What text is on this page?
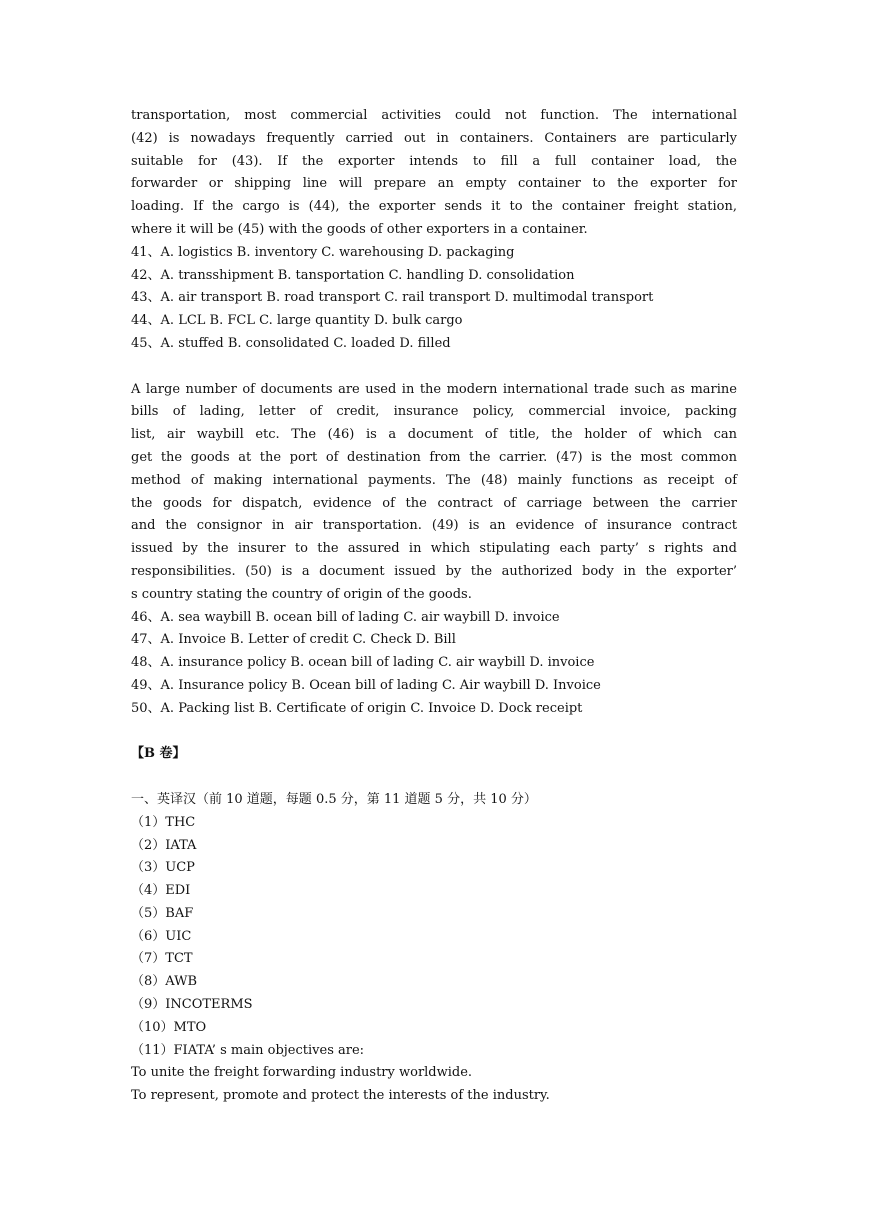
transportation, most commercial activities could not function. The international
(42) is nowadays frequently carried out in containers. Containers are particularly
suitable for (43). If the exporter intends to fill a full container load, the
forwarder or shipping line will prepare an empty container to the exporter for
loading. If the cargo is (44), the exporter sends it to the container freight station,
where it will be (45) with the goods of other exporters in a container.
41、A. logistics B. inventory C. warehousing D. packaging
42、A. transshipment B. tansportation C. handling D. consolidation
43、A. air transport B. road transport C. rail transport D. multimodal transport
44、A. LCL B. FCL C. large quantity D. bulk cargo
45、A. stuffed B. consolidated C. loaded D. filled
A large number of documents are used in the modern international trade such as marine
bills of lading, letter of credit, insurance policy, commercial invoice, packing
list, air waybill etc. The (46) is a document of title, the holder of which can
get the goods at the port of destination from the carrier. (47) is the most common
method of making international payments. The (48) mainly functions as receipt of
the goods for dispatch, evidence of the contract of carriage between the carrier
and the consignor in air transportation. (49) is an evidence of insurance contract
issued by the insurer to the assured in which stipulating each party’ s rights and
responsibilities. (50) is a document issued by the authorized body in the exporter’
s country stating the country of origin of the goods.
46、A. sea waybill B. ocean bill of lading C. air waybill D. invoice
47、A. Invoice B. Letter of credit C. Check D. Bill
48、A. insurance policy B. ocean bill of lading C. air waybill D. invoice
49、A. Insurance policy B. Ocean bill of lading C. Air waybill D. Invoice
50、A. Packing list B. Certificate of origin C. Invoice D. Dock receipt
【B 卷】
一、英译汉（前 10 道题，每题 0.5 分，第 11 道题 5 分，共 10 分）
（1）THC
（2）IATA
（3）UCP
（4）EDI
（5）BAF
（6）UIC
（7）TCT
（8）AWB
（9）INCOTERMS
（10）MTO
（11）FIATA’ s main objectives are:
To unite the freight forwarding industry worldwide.
To represent, promote and protect the interests of the industry.
